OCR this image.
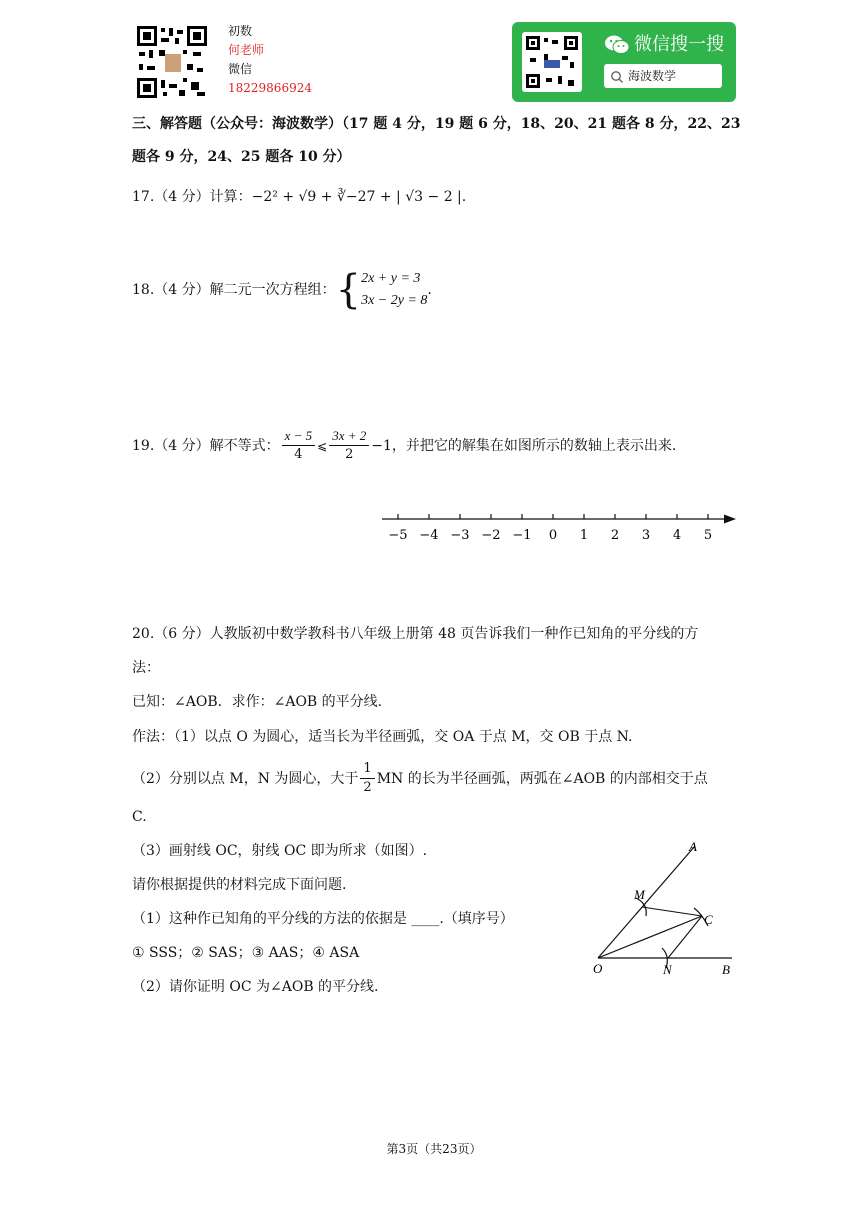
初数
何老师
微信
18229866924
微信搜一搜
海波数学
三、解答题（公众号：海波数学）（17 题 4 分，19 题 6 分，18、20、21 题各 8 分，22、23
题各 9 分，24、25 题各 10 分）
17.（4 分）计算：−2² + √9 + ∛−27 + | √3 − 2 |.
18.（4 分）解二元一次方程组： { 2x + y = 3
3x − 2y = 8
.
19.（4 分）解不等式： $\frac{x - 5}{4}$ ⩽ $\frac{3x + 2}{2} -1$，并把它的解集在如图所示的数轴上表示出来.
−5 −4 −3 −2 −1 0 1 2 3 4 5
20.（6 分）人教版初中数学教科书八年级上册第 48 页告诉我们一种作已知角的平分线的方
法：
已知：∠AOB．求作：∠AOB 的平分线.
作法：（1）以点 O 为圆心，适当长为半径画弧，交 OA 于点 M，交 OB 于点 N.
（2）分别以点 M，N 为圆心，大于 $\frac{1}{2}$ MN 的长为半径画弧，两弧在∠AOB 的内部相交于点
C.
（3）画射线 OC，射线 OC 即为所求（如图）.
请你根据提供的材料完成下面问题.
（1）这种作已知角的平分线的方法的依据是 ____.（填序号）
① SSS；② SAS；③ AAS；④ ASA
（2）请你证明 OC 为∠AOB 的平分线.
A
M
C
O	N	B
第3页（共23页）
